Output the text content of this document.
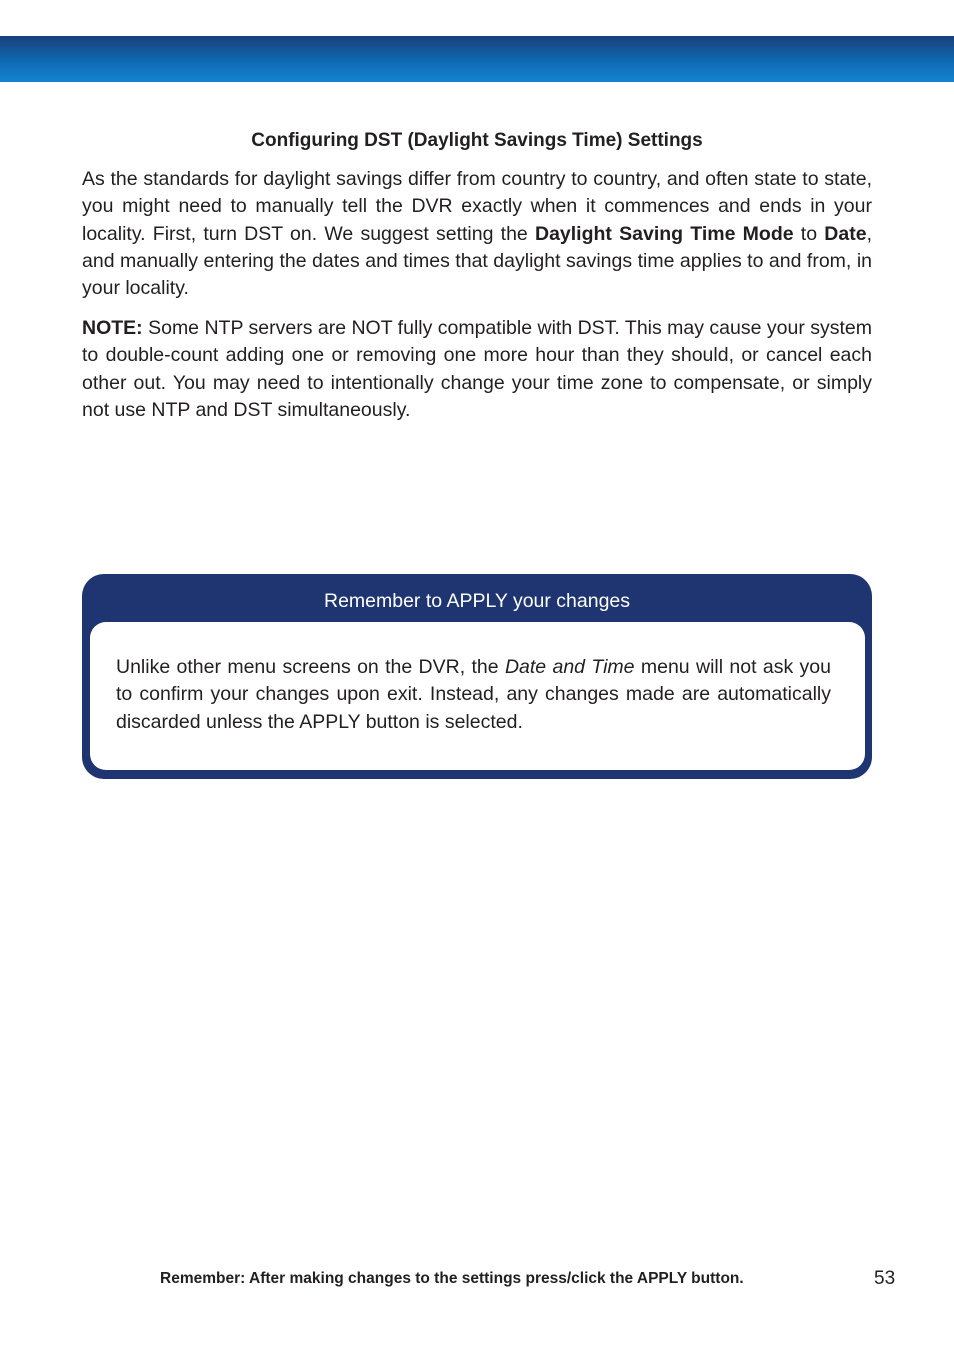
Configuring DST (Daylight Savings Time) Settings

As the standards for daylight savings differ from country to country, and often state to state, you might need to manually tell the DVR exactly when it commences and ends in your locality. First, turn DST on. We suggest setting the Daylight Saving Time Mode to Date, and manually entering the dates and times that daylight savings time applies to and from, in your locality.

NOTE: Some NTP servers are NOT fully compatible with DST. This may cause your system to double-count adding one or removing one more hour than they should, or cancel each other out. You may need to intentionally change your time zone to compensate, or simply not use NTP and DST simultaneously.

Remember to APPLY your changes

Unlike other menu screens on the DVR, the Date and Time menu will not ask you to confirm your changes upon exit. Instead, any changes made are automatically discarded unless the APPLY button is selected.

Remember: After making changes to the settings press/click the APPLY button.	53
